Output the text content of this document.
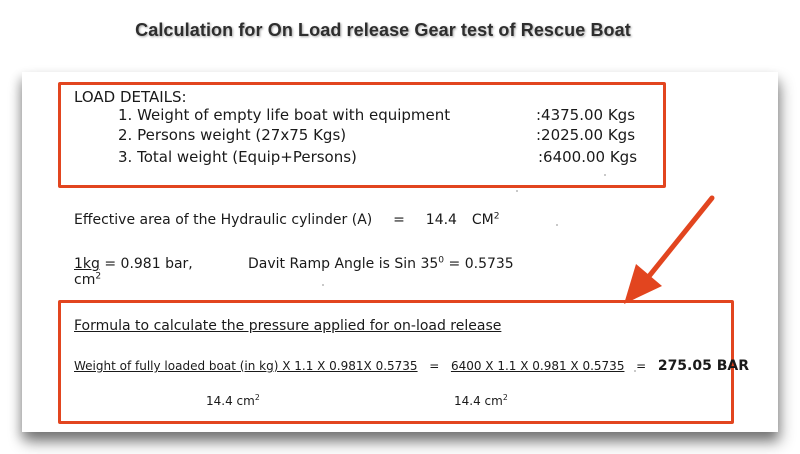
Calculation for On Load release Gear test of Rescue Boat
LOAD DETAILS:
1. Weight of empty life boat with equipment	:4375.00 Kgs
2. Persons weight (27x75 Kgs)	:2025.00 Kgs
3. Total weight (Equip+Persons)	:6400.00 Kgs
Effective area of the Hydraulic cylinder (A) = 14.4 $CM^2$
1kg = 0.981 bar,
$cm^2$
Davit Ramp Angle is Sin $35^0 = 0.5735$
Formula to calculate the pressure applied for on-load release
Weight of fully loaded boat (in kg) X 1.1 X 0.981X 0.5735 = 6400 X 1.1 X 0.981 X 0.5735 = 275.05 BAR
14.4 $cm^2$	14.4 $cm^2$
